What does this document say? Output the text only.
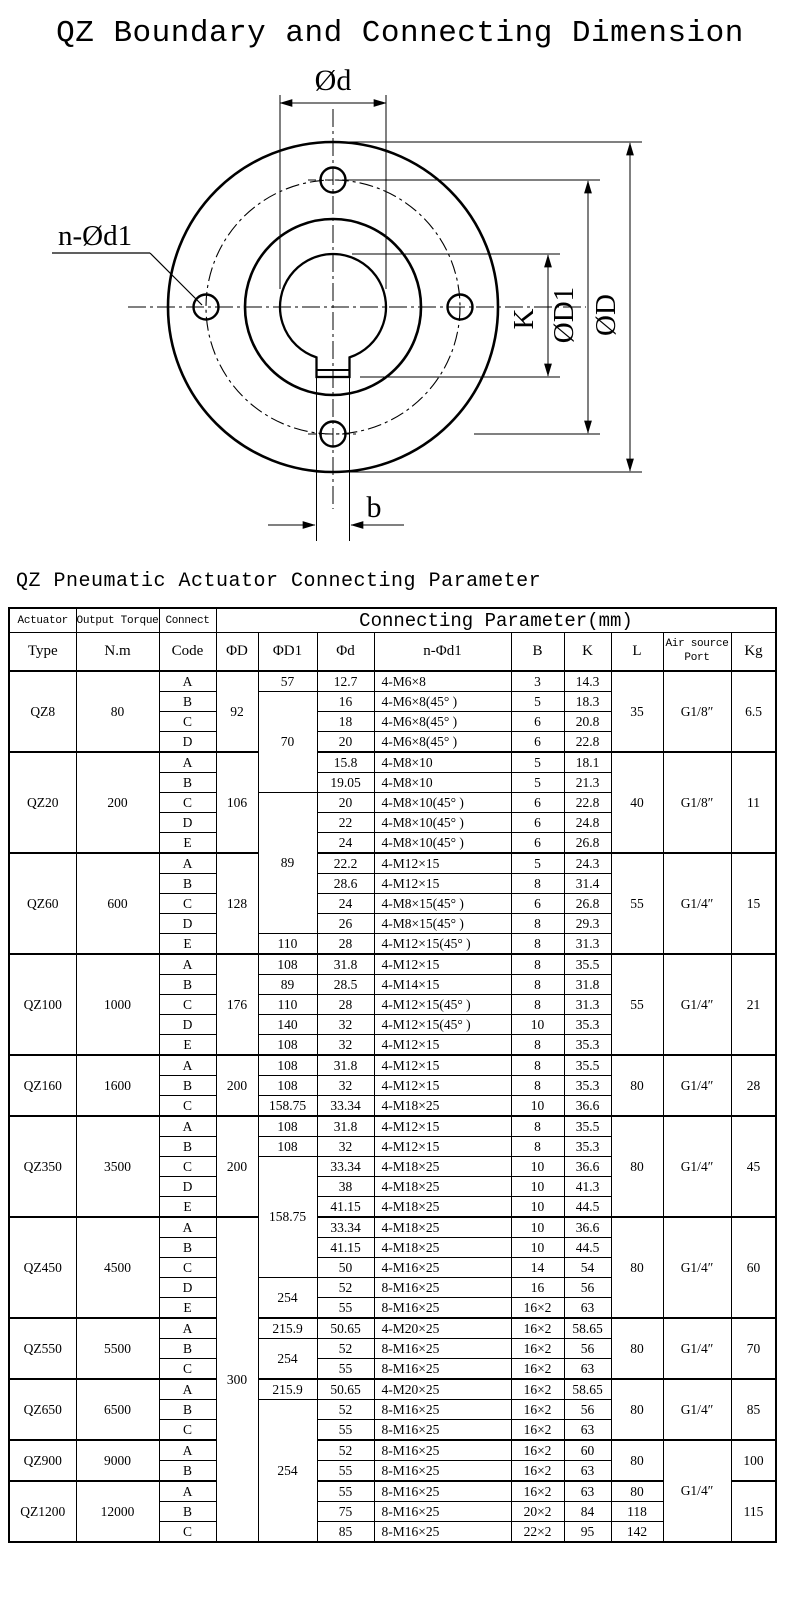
QZ Boundary and Connecting Dimension
Ød
n-Ød1
b
K ØD1 ØD
QZ Pneumatic Actuator Connecting Parameter
Actuator	Output Torque	Connect	Connecting Parameter(mm)	
Type	N.m	Code	ΦD	ΦD1	Φd	n-Φd1	B	K	L	Air source Port	Kg	
QZ8	80	A	92	57	12.7	4-M6×8	3	14.3	35	G1/8″	6.5	
		B		70	16	4-M6×8(45° )	5	18.3				
		C			18	4-M6×8(45° )	6	20.8				
		D			20	4-M6×8(45° )	6	22.8				
QZ20	200	A	106		15.8	4-M8×10	5	18.1	40	G1/8″	11	
		B			19.05	4-M8×10	5	21.3				
		C		89	20	4-M8×10(45° )	6	22.8				
		D			22	4-M8×10(45° )	6	24.8				
		E			24	4-M8×10(45° )	6	26.8				
QZ60	600	A	128		22.2	4-M12×15	5	24.3	55	G1/4″	15	
		B			28.6	4-M12×15	8	31.4				
		C			24	4-M8×15(45° )	6	26.8				
		D			26	4-M8×15(45° )	8	29.3				
		E		110	28	4-M12×15(45° )	8	31.3				
QZ100	1000	A	176	108	31.8	4-M12×15	8	35.5	55	G1/4″	21	
		B		89	28.5	4-M14×15	8	31.8				
		C		110	28	4-M12×15(45° )	8	31.3				
		D		140	32	4-M12×15(45° )	10	35.3				
		E		108	32	4-M12×15	8	35.3				
QZ160	1600	A	200	108	31.8	4-M12×15	8	35.5	80	G1/4″	28	
		B		108	32	4-M12×15	8	35.3				
		C		158.75	33.34	4-M18×25	10	36.6				
QZ350	3500	A	200	108	31.8	4-M12×15	8	35.5	80	G1/4″	45	
		B		108	32	4-M12×15	8	35.3				
		C		158.75	33.34	4-M18×25	10	36.6				
		D			38	4-M18×25	10	41.3				
		E			41.15	4-M18×25	10	44.5				
QZ450	4500	A	300		33.34	4-M18×25	10	36.6	80	G1/4″	60	
		B			41.15	4-M18×25	10	44.5				
		C			50	4-M16×25	14	54				
		D		254	52	8-M16×25	16	56				
		E			55	8-M16×25	16×2	63				
QZ550	5500	A		215.9	50.65	4-M20×25	16×2	58.65	80	G1/4″	70	
		B		254	52	8-M16×25	16×2	56				
		C			55	8-M16×25	16×2	63				
QZ650	6500	A		215.9	50.65	4-M20×25	16×2	58.65	80	G1/4″	85	
		B		254	52	8-M16×25	16×2	56				
		C			55	8-M16×25	16×2	63				
QZ900	9000	A			52	8-M16×25	16×2	60	80	G1/4″	100	
		B			55	8-M16×25	16×2	63				
QZ1200	12000	A			55	8-M16×25	16×2	63	80		115	
		B			75	8-M16×25	20×2	84	118			
		C			85	8-M16×25	22×2	95	142			
